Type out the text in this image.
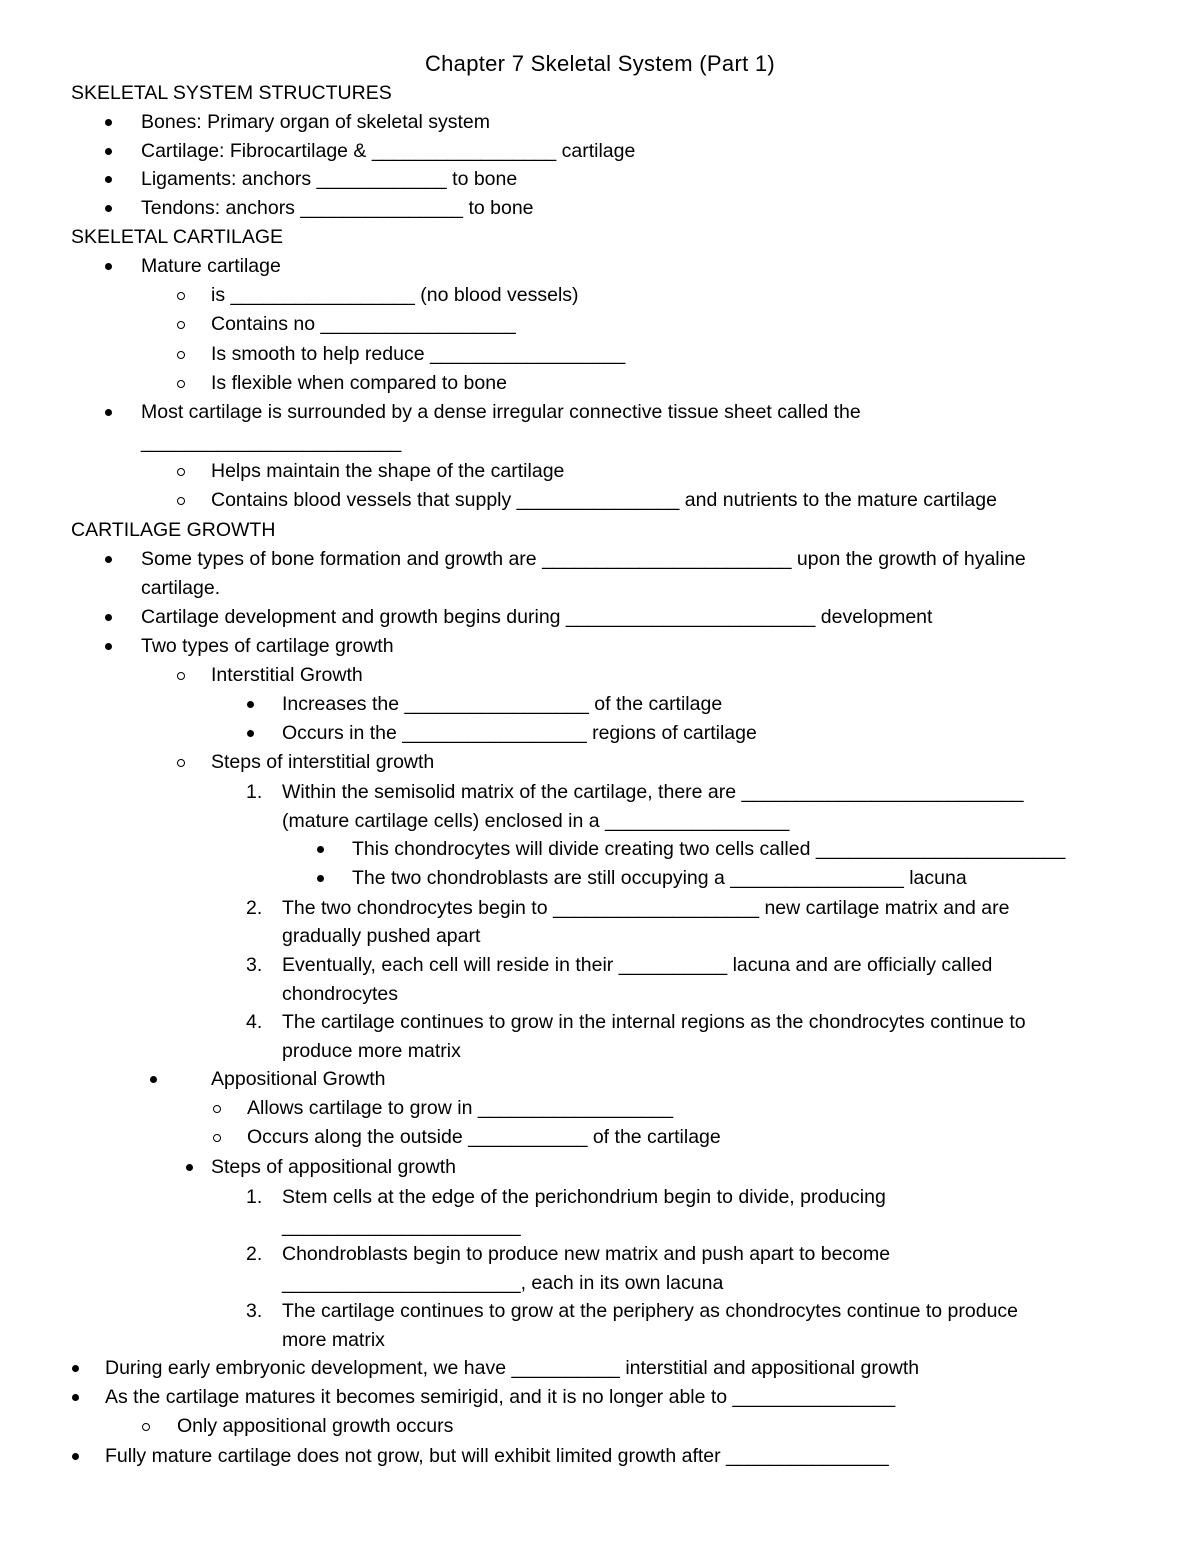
Chapter 7 Skeletal System (Part 1)
SKELETAL SYSTEM STRUCTURES
Bones: Primary organ of skeletal system
Cartilage: Fibrocartilage & _________________ cartilage
Ligaments: anchors ____________ to bone
Tendons: anchors _______________ to bone
SKELETAL CARTILAGE
Mature cartilage
is _________________ (no blood vessels)
Contains no __________________
Is smooth to help reduce __________________
Is flexible when compared to bone
Most cartilage is surrounded by a dense irregular connective tissue sheet called the
________________________
Helps maintain the shape of the cartilage
Contains blood vessels that supply _______________ and nutrients to the mature cartilage
CARTILAGE GROWTH
Some types of bone formation and growth are _______________________ upon the growth of hyaline
cartilage.
Cartilage development and growth begins during _______________________ development
Two types of cartilage growth
Interstitial Growth
Increases the _________________ of the cartilage
Occurs in the _________________ regions of cartilage
Steps of interstitial growth
1. Within the semisolid matrix of the cartilage, there are __________________________
(mature cartilage cells) enclosed in a _________________
This chondrocytes will divide creating two cells called _______________________
The two chondroblasts are still occupying a ________________ lacuna
2. The two chondrocytes begin to ___________________ new cartilage matrix and are
gradually pushed apart
3. Eventually, each cell will reside in their __________ lacuna and are officially called
chondrocytes
4. The cartilage continues to grow in the internal regions as the chondrocytes continue to
produce more matrix
Appositional Growth
Allows cartilage to grow in __________________
Occurs along the outside ___________ of the cartilage
Steps of appositional growth
1. Stem cells at the edge of the perichondrium begin to divide, producing
______________________
2. Chondroblasts begin to produce new matrix and push apart to become
______________________, each in its own lacuna
3. The cartilage continues to grow at the periphery as chondrocytes continue to produce
more matrix
During early embryonic development, we have __________ interstitial and appositional growth
As the cartilage matures it becomes semirigid, and it is no longer able to _______________
Only appositional growth occurs
Fully mature cartilage does not grow, but will exhibit limited growth after _______________
